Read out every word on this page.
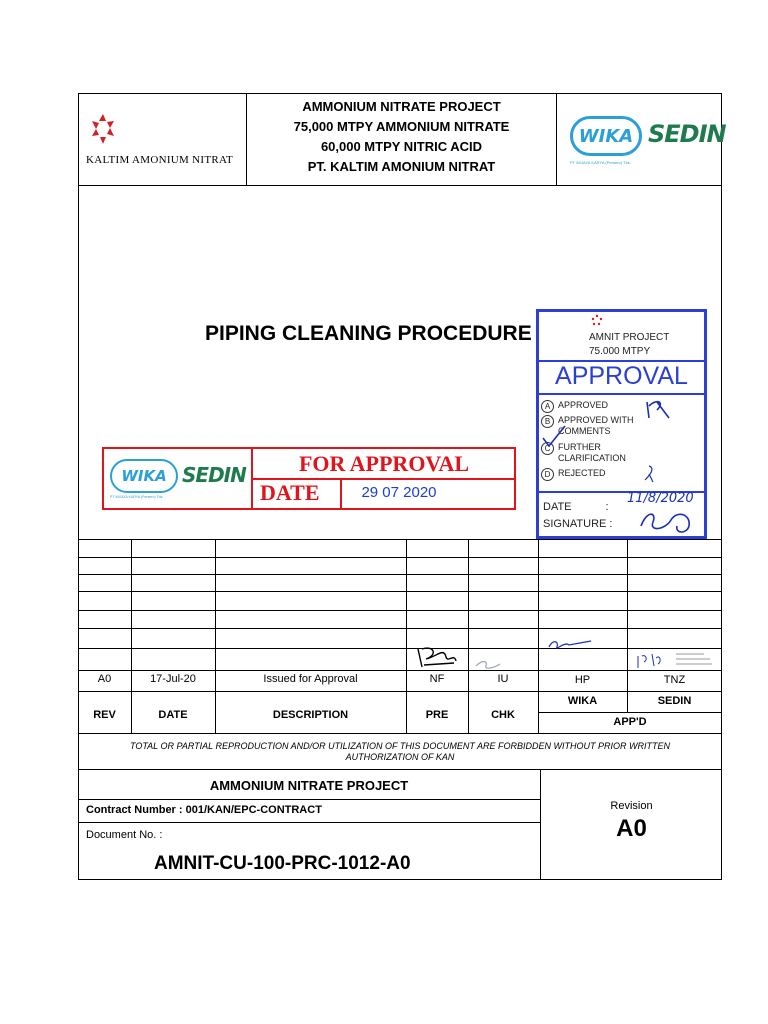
KALTIM AMONIUM NITRAT
AMMONIUM NITRATE PROJECT
75,000 MTPY AMMONIUM NITRATE
60,000 MTPY NITRIC ACID
PT. KALTIM AMONIUM NITRAT
WIKA
PT WIJAYA KARYA (Persero) Tbk.
SEDIN
PIPING CLEANING PROCEDURE
WIKA
PT WIJAYA KARYA (Persero) Tbk.
SEDIN	FOR APPROVAL
DATE	29 07 2020
AMNIT PROJECT
75.000 MTPY
APPROVAL
A APPROVED
B APPROVED WITH COMMENTS
C FURTHER CLARIFICATION
D REJECTED
DATE	:
11/8/2020
SIGNATURE :
A0	17-Jul-20	Issued for Approval	NF	IU	HP	TNZ
REV	DATE	DESCRIPTION	PRE	CHK
WIKA	SEDIN
APP'D
TOTAL OR PARTIAL REPRODUCTION AND/OR UTILIZATION OF THIS DOCUMENT ARE FORBIDDEN WITHOUT PRIOR WRITTEN AUTHORIZATION OF KAN
AMMONIUM NITRATE PROJECT
Contract Number : 001/KAN/EPC-CONTRACT
Document No. :
AMNIT-CU-100-PRC-1012-A0
Revision
A0
